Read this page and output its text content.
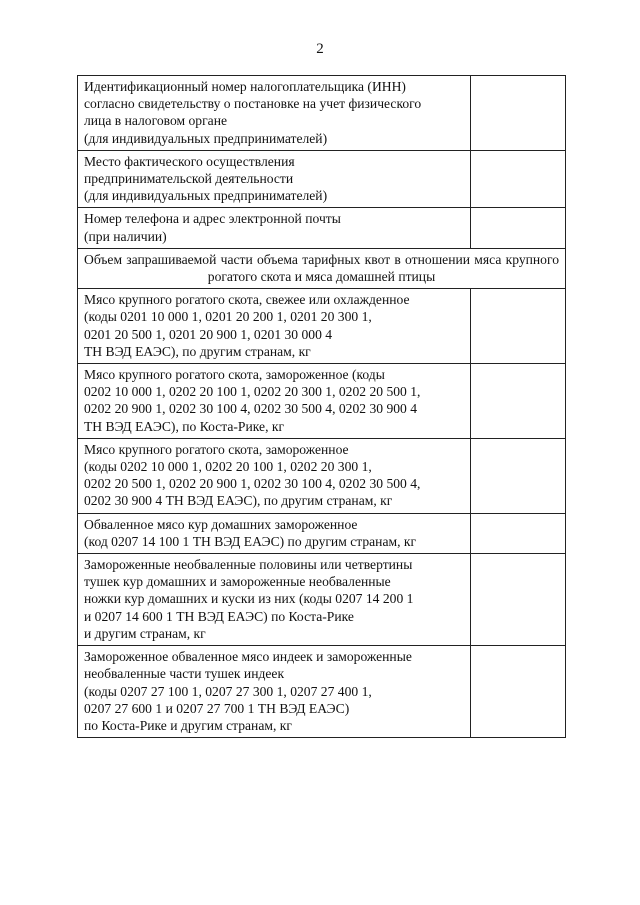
2
Идентификационный номер налогоплательщика (ИНН)
согласно свидетельству о постановке на учет физического
лица в налоговом органе
(для индивидуальных предпринимателей)	
Место фактического осуществления
предпринимательской деятельности
(для индивидуальных предпринимателей)	
Номер телефона и адрес электронной почты
(при наличии)	
Объем запрашиваемой части объема тарифных квот в отношении мяса крупного рогатого скота и мяса домашней птицы	
Мясо крупного рогатого скота, свежее или охлажденное
(коды 0201 10 000 1, 0201 20 200 1, 0201 20 300 1,
0201 20 500 1, 0201 20 900 1, 0201 30 000 4
ТН ВЭД ЕАЭС), по другим странам, кг	
Мясо крупного рогатого скота, замороженное (коды
0202 10 000 1, 0202 20 100 1, 0202 20 300 1, 0202 20 500 1,
0202 20 900 1, 0202 30 100 4, 0202 30 500 4, 0202 30 900 4
ТН ВЭД ЕАЭС), по Коста-Рике, кг	
Мясо крупного рогатого скота, замороженное
(коды 0202 10 000 1, 0202 20 100 1, 0202 20 300 1,
0202 20 500 1, 0202 20 900 1, 0202 30 100 4, 0202 30 500 4,
0202 30 900 4 ТН ВЭД ЕАЭС), по другим странам, кг	
Обваленное мясо кур домашних замороженное
(код 0207 14 100 1 ТН ВЭД ЕАЭС) по другим странам, кг	
Замороженные необваленные половины или четвертины
тушек кур домашних и замороженные необваленные
ножки кур домашних и куски из них (коды 0207 14 200 1
и 0207 14 600 1 ТН ВЭД ЕАЭС) по Коста-Рике
и другим странам, кг	
Замороженное обваленное мясо индеек и замороженные
необваленные части тушек индеек
(коды 0207 27 100 1, 0207 27 300 1, 0207 27 400 1,
0207 27 600 1 и 0207 27 700 1 ТН ВЭД ЕАЭС)
по Коста-Рике и другим странам, кг	
